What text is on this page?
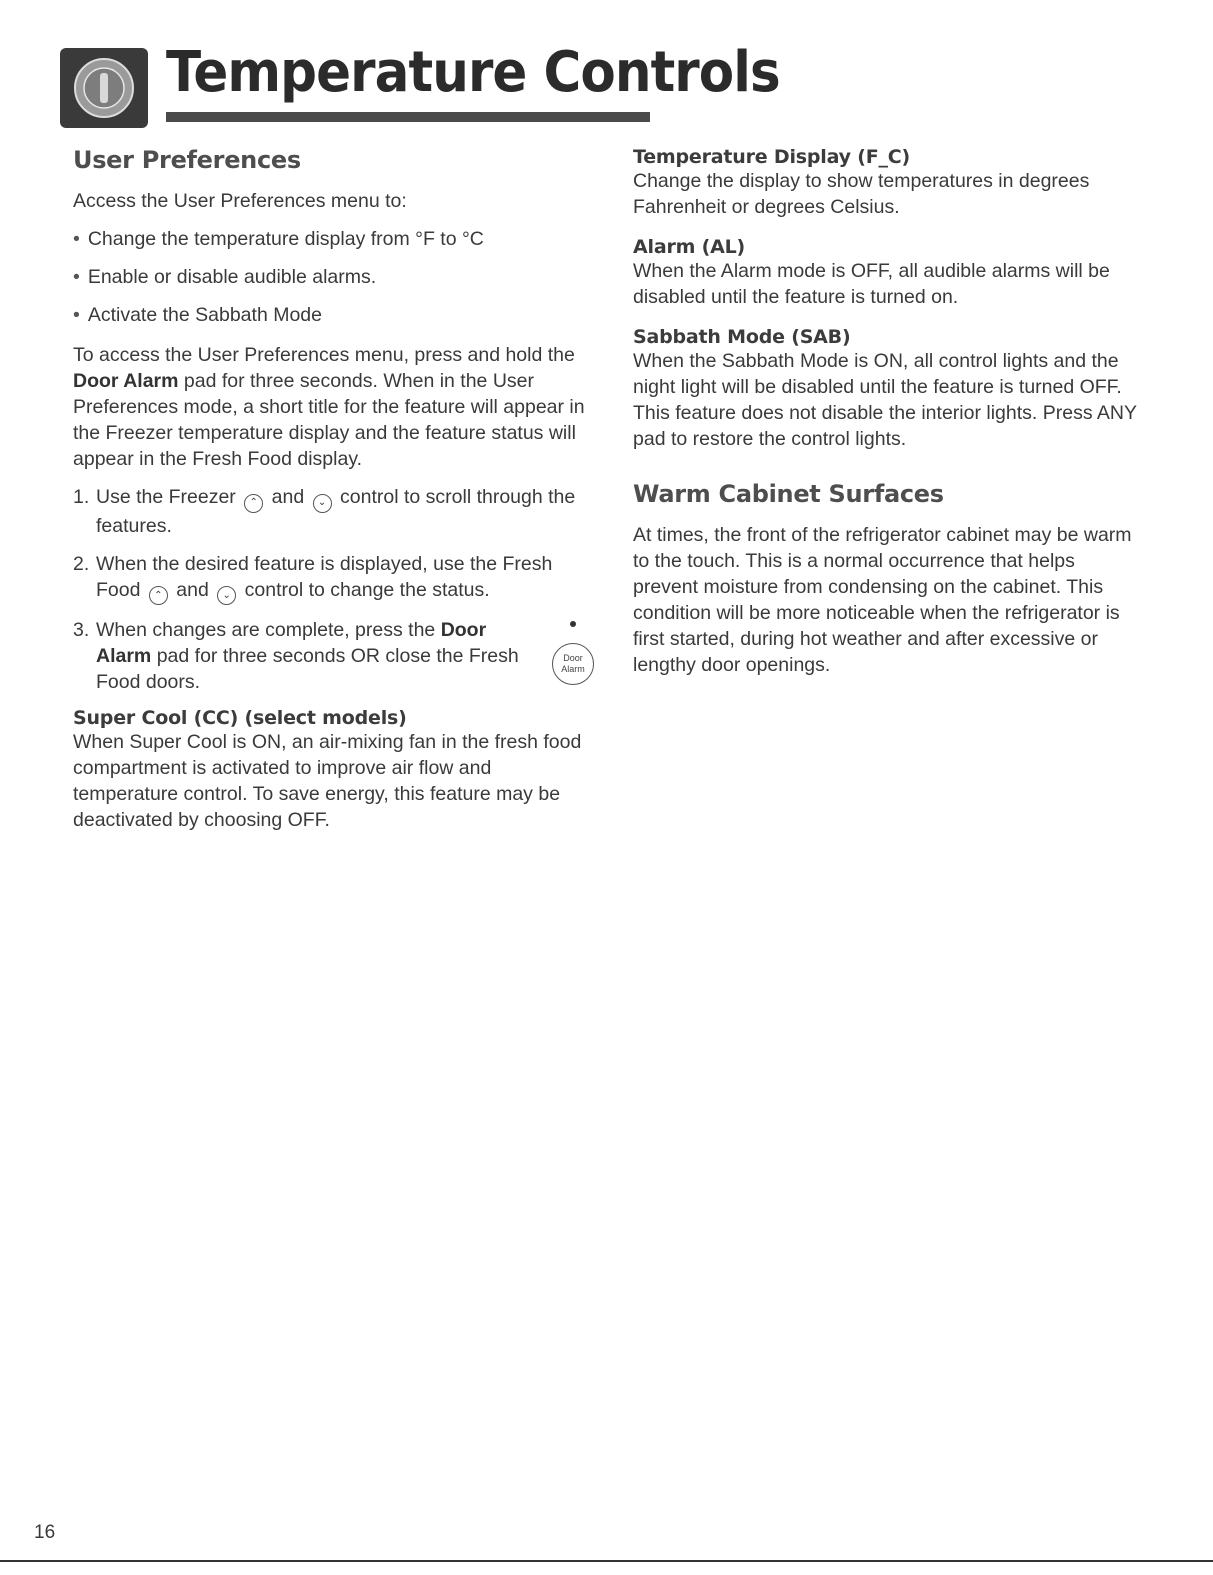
Temperature Controls
User Preferences

Access the User Preferences menu to:

• Change the temperature display from °F to °C
• Enable or disable audible alarms.
• Activate the Sabbath Mode

To access the User Preferences menu, press and hold the Door Alarm pad for three seconds. When in the User Preferences mode, a short title for the feature will appear in the Freezer temperature display and the feature status will appear in the Fresh Food display.

1. Use the Freezer ⌃ and ⌄ control to scroll through the features.
2. When the desired feature is displayed, use the Fresh Food ⌃ and ⌄ control to change the status.
3. When changes are complete, press the Door Alarm pad for three seconds OR close the Fresh Food doors.
Door
Alarm
Super Cool (CC) (select models)

When Super Cool is ON, an air-mixing fan in the fresh food compartment is activated to improve air flow and temperature control. To save energy, this feature may be deactivated by choosing OFF.

Temperature Display (F_C)

Change the display to show temperatures in degrees Fahrenheit or degrees Celsius.

Alarm (AL)

When the Alarm mode is OFF, all audible alarms will be disabled until the feature is turned on.

Sabbath Mode (SAB)

When the Sabbath Mode is ON, all control lights and the night light will be disabled until the feature is turned OFF. This feature does not disable the interior lights. Press ANY pad to restore the control lights.

Warm Cabinet Surfaces

At times, the front of the refrigerator cabinet may be warm to the touch. This is a normal occurrence that helps prevent moisture from condensing on the cabinet. This condition will be more noticeable when the refrigerator is first started, during hot weather and after excessive or lengthy door openings.

16
